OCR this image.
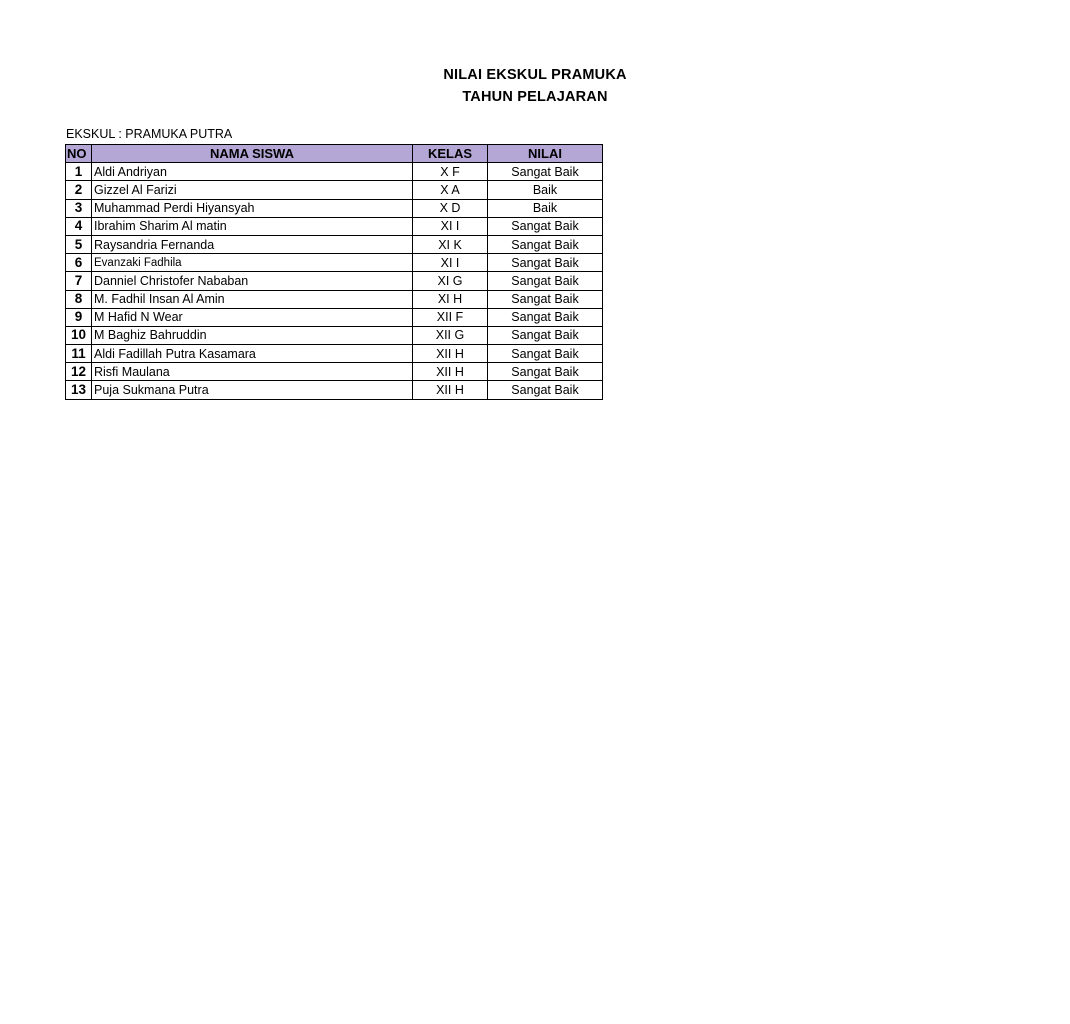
NILAI EKSKUL PRAMUKA
TAHUN PELAJARAN
EKSKUL : PRAMUKA PUTRA
NO	NAMA SISWA	KELAS	NILAI
1	Aldi Andriyan	X F	Sangat Baik
2	Gizzel Al Farizi	X A	Baik
3	Muhammad Perdi Hiyansyah	X D	Baik
4	Ibrahim Sharim Al matin	XI I	Sangat Baik
5	Raysandria Fernanda	XI K	Sangat Baik
6	Evanzaki Fadhila	XI I	Sangat Baik
7	Danniel Christofer Nababan	XI G	Sangat Baik
8	M. Fadhil Insan Al Amin	XI H	Sangat Baik
9	M Hafid N Wear	XII F	Sangat Baik
10	M Baghiz Bahruddin	XII G	Sangat Baik
11	Aldi Fadillah Putra Kasamara	XII H	Sangat Baik
12	Risfi Maulana	XII H	Sangat Baik
13	Puja Sukmana Putra	XII H	Sangat Baik
